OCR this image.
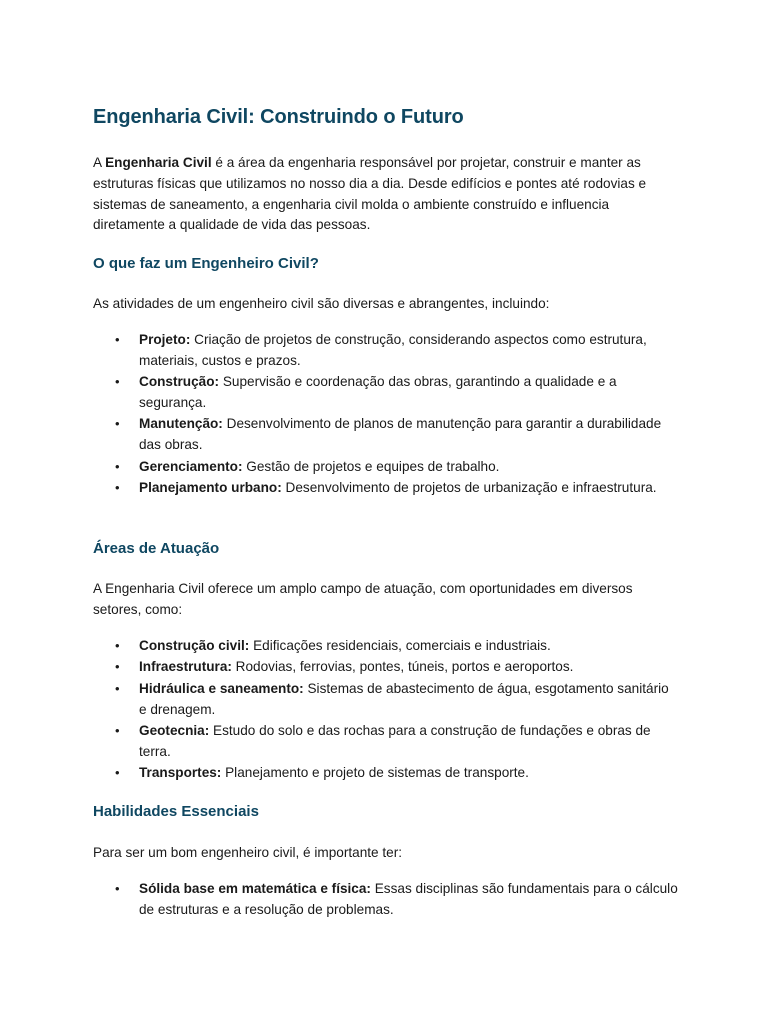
Engenharia Civil: Construindo o Futuro

A Engenharia Civil é a área da engenharia responsável por projetar, construir e manter as estruturas físicas que utilizamos no nosso dia a dia. Desde edifícios e pontes até rodovias e sistemas de saneamento, a engenharia civil molda o ambiente construído e influencia diretamente a qualidade de vida das pessoas.

O que faz um Engenheiro Civil?

As atividades de um engenheiro civil são diversas e abrangentes, incluindo:

• Projeto: Criação de projetos de construção, considerando aspectos como estrutura, materiais, custos e prazos.
• Construção: Supervisão e coordenação das obras, garantindo a qualidade e a segurança.
• Manutenção: Desenvolvimento de planos de manutenção para garantir a durabilidade das obras.
• Gerenciamento: Gestão de projetos e equipes de trabalho.
• Planejamento urbano: Desenvolvimento de projetos de urbanização e infraestrutura.
Áreas de Atuação

A Engenharia Civil oferece um amplo campo de atuação, com oportunidades em diversos setores, como:

• Construção civil: Edificações residenciais, comerciais e industriais.
• Infraestrutura: Rodovias, ferrovias, pontes, túneis, portos e aeroportos.
• Hidráulica e saneamento: Sistemas de abastecimento de água, esgotamento sanitário e drenagem.
• Geotecnia: Estudo do solo e das rochas para a construção de fundações e obras de terra.
• Transportes: Planejamento e projeto de sistemas de transporte.
Habilidades Essenciais

Para ser um bom engenheiro civil, é importante ter:

• Sólida base em matemática e física: Essas disciplinas são fundamentais para o cálculo de estruturas e a resolução de problemas.
